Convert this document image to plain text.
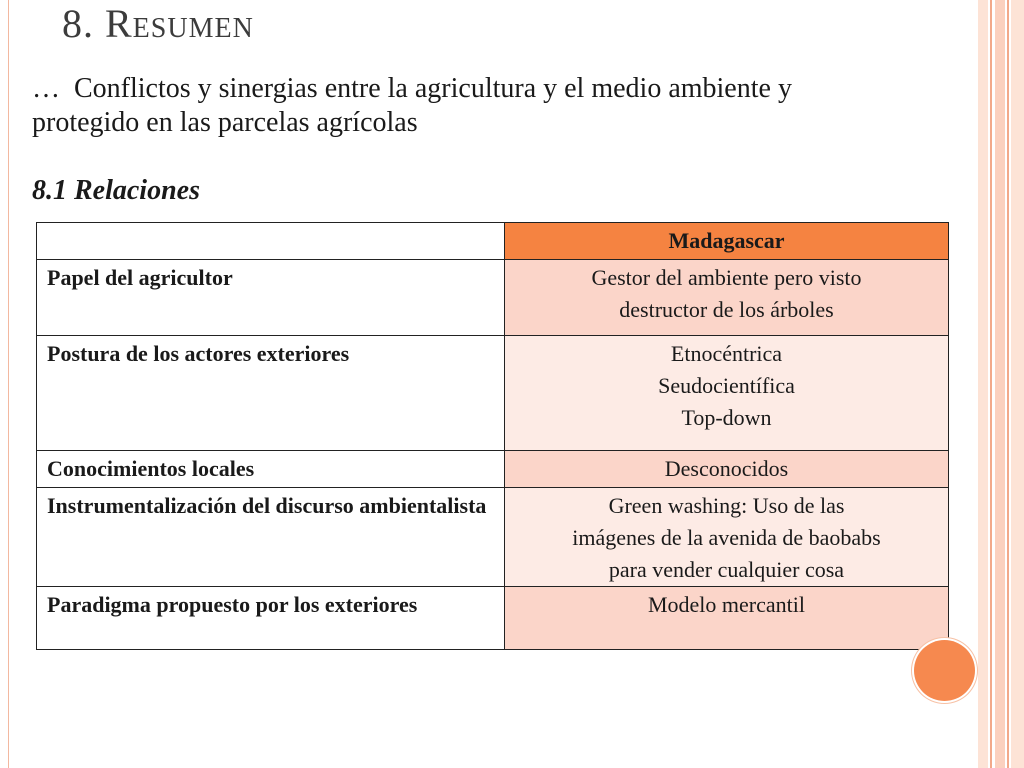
8. Resumen

… Conflictos y sinergias entre la agricultura y el medio ambiente y protegido en las parcelas agrícolas

8.1 Relaciones
	Madagascar
Papel del agricultor	Gestor del ambiente pero visto
destructor de los árboles

Postura de los actores exteriores	Etnocéntrica
Seudocientífica
Top-down

Conocimientos locales	Desconocidos

Instrumentalización del discurso ambientalista	Green washing: Uso de las
imágenes de la avenida de baobabs
para vender cualquier cosa

Paradigma propuesto por los exteriores	Modelo mercantil
